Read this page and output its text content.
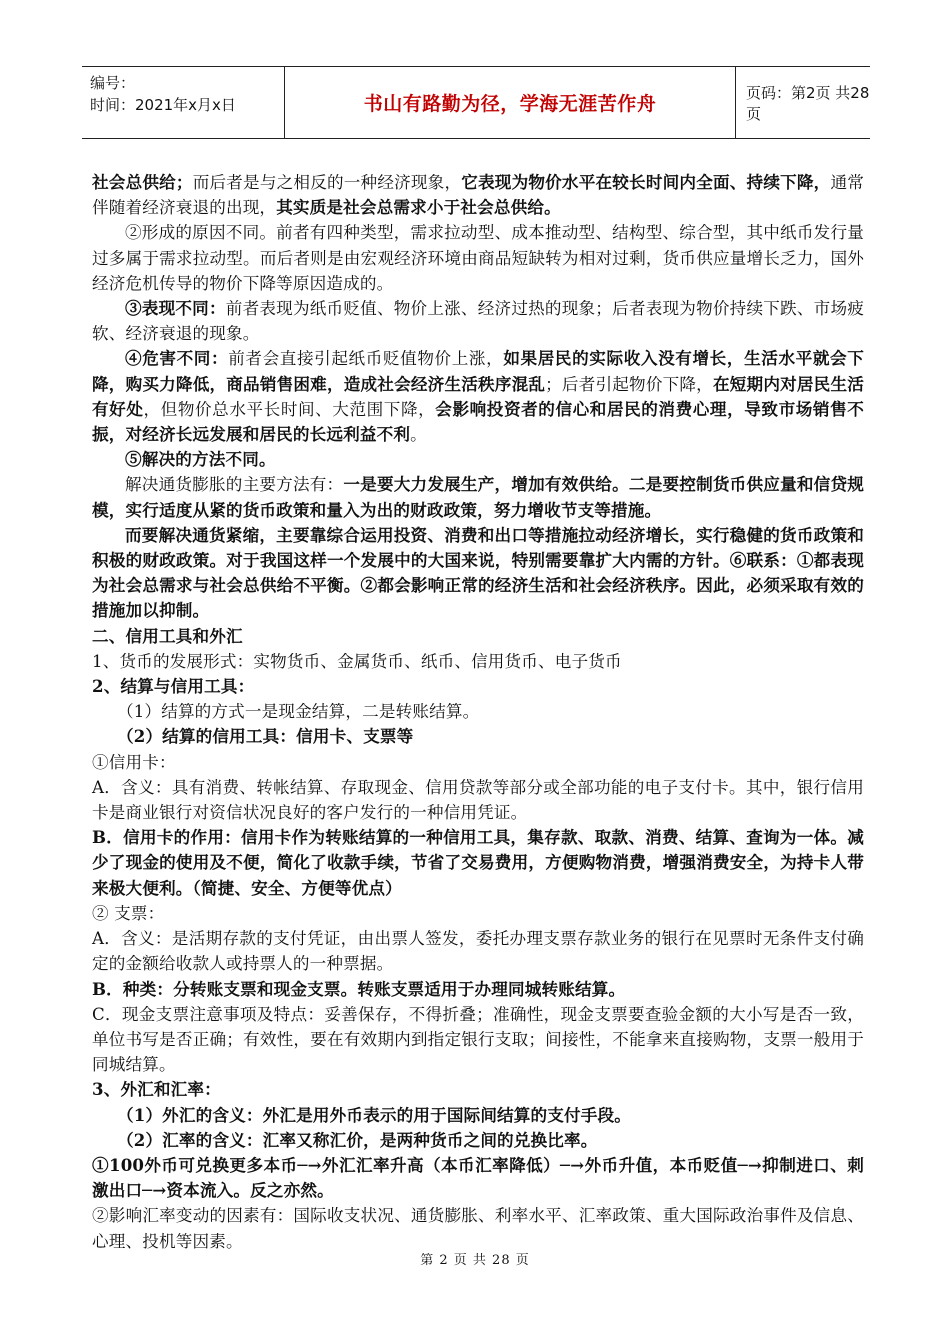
编号：
时间：2021年x月x日	书山有路勤为径，学海无涯苦作舟
页码：第2页 共28页

社会总供给；而后者是与之相反的一种经济现象，它表现为物价水平在较长时间内全面、持续下降，通常伴随着经济衰退的出现，其实质是社会总需求小于社会总供给。

②形成的原因不同。前者有四种类型，需求拉动型、成本推动型、结构型、综合型，其中纸币发行量过多属于需求拉动型。而后者则是由宏观经济环境由商品短缺转为相对过剩，货币供应量增长乏力，国外经济危机传导的物价下降等原因造成的。

③表现不同：前者表现为纸币贬值、物价上涨、经济过热的现象；后者表现为物价持续下跌、市场疲软、经济衰退的现象。

④危害不同：前者会直接引起纸币贬值物价上涨，如果居民的实际收入没有增长，生活水平就会下降，购买力降低，商品销售困难，造成社会经济生活秩序混乱；后者引起物价下降，在短期内对居民生活有好处，但物价总水平长时间、大范围下降，会影响投资者的信心和居民的消费心理，导致市场销售不振，对经济长远发展和居民的长远利益不利。

⑤解决的方法不同。

解决通货膨胀的主要方法有：一是要大力发展生产，增加有效供给。二是要控制货币供应量和信贷规模，实行适度从紧的货币政策和量入为出的财政政策，努力增收节支等措施。

而要解决通货紧缩，主要靠综合运用投资、消费和出口等措施拉动经济增长，实行稳健的货币政策和积极的财政政策。对于我国这样一个发展中的大国来说，特别需要靠扩大内需的方针。⑥联系：①都表现为社会总需求与社会总供给不平衡。②都会影响正常的经济生活和社会经济秩序。因此，必须采取有效的措施加以抑制。

二、信用工具和外汇

1、货币的发展形式：实物货币、金属货币、纸币、信用货币、电子货币

2、结算与信用工具：

（1）结算的方式一是现金结算，二是转账结算。

（2）结算的信用工具：信用卡、支票等

①信用卡：

A．含义：具有消费、转帐结算、存取现金、信用贷款等部分或全部功能的电子支付卡。其中，银行信用卡是商业银行对资信状况良好的客户发行的一种信用凭证。

B．信用卡的作用：信用卡作为转账结算的一种信用工具，集存款、取款、消费、结算、查询为一体。减少了现金的使用及不便，简化了收款手续，节省了交易费用，方便购物消费，增强消费安全，为持卡人带来极大便利。（简捷、安全、方便等优点）

② 支票：

A．含义：是活期存款的支付凭证，由出票人签发，委托办理支票存款业务的银行在见票时无条件支付确定的金额给收款人或持票人的一种票据。

B．种类：分转账支票和现金支票。转账支票适用于办理同城转账结算。

C．现金支票注意事项及特点：妥善保存，不得折叠；准确性，现金支票要查验金额的大小写是否一致，单位书写是否正确；有效性，要在有效期内到指定银行支取；间接性，不能拿来直接购物，支票一般用于同城结算。

3、外汇和汇率：

（1）外汇的含义：外汇是用外币表示的用于国际间结算的支付手段。

（2）汇率的含义：汇率又称汇价，是两种货币之间的兑换比率。

①100外币可兑换更多本币─→外汇汇率升高（本币汇率降低）─→外币升值，本币贬值─→抑制进口、刺激出口─→资本流入。反之亦然。

②影响汇率变动的因素有：国际收支状况、通货膨胀、利率水平、汇率政策、重大国际政治事件及信息、心理、投机等因素。

第 2 页 共 28 页
